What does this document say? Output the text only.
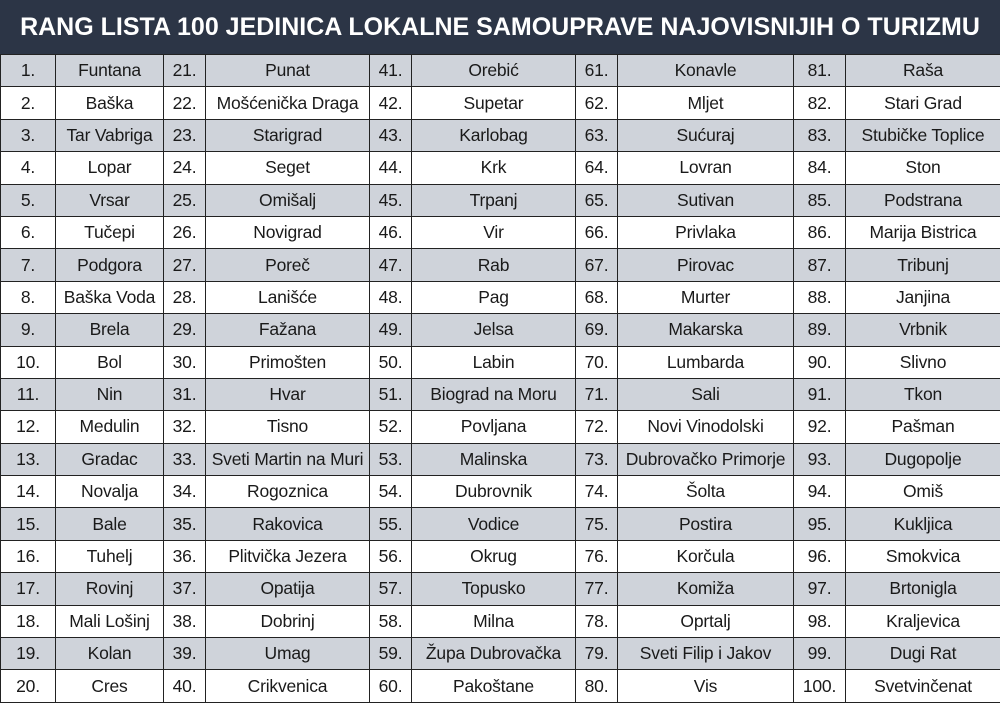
RANG LISTA 100 JEDINICA LOKALNE SAMOUPRAVE NAJOVISNIJIH O TURIZMU
1.	Funtana	21.	Punat	41.	Orebić	61.	Konavle	81.	Raša
2.	Baška	22.	Mošćenička Draga	42.	Supetar	62.	Mljet	82.	Stari Grad
3.	Tar Vabriga	23.	Starigrad	43.	Karlobag	63.	Sućuraj	83.	Stubičke Toplice
4.	Lopar	24.	Seget	44.	Krk	64.	Lovran	84.	Ston
5.	Vrsar	25.	Omišalj	45.	Trpanj	65.	Sutivan	85.	Podstrana
6.	Tučepi	26.	Novigrad	46.	Vir	66.	Privlaka	86.	Marija Bistrica
7.	Podgora	27.	Poreč	47.	Rab	67.	Pirovac	87.	Tribunj
8.	Baška Voda	28.	Lanišće	48.	Pag	68.	Murter	88.	Janjina
9.	Brela	29.	Fažana	49.	Jelsa	69.	Makarska	89.	Vrbnik
10.	Bol	30.	Primošten	50.	Labin	70.	Lumbarda	90.	Slivno
11.	Nin	31.	Hvar	51.	Biograd na Moru	71.	Sali	91.	Tkon
12.	Medulin	32.	Tisno	52.	Povljana	72.	Novi Vinodolski	92.	Pašman
13.	Gradac	33.	Sveti Martin na Muri	53.	Malinska	73.	Dubrovačko Primorje	93.	Dugopolje
14.	Novalja	34.	Rogoznica	54.	Dubrovnik	74.	Šolta	94.	Omiš
15.	Bale	35.	Rakovica	55.	Vodice	75.	Postira	95.	Kukljica
16.	Tuhelj	36.	Plitvička Jezera	56.	Okrug	76.	Korčula	96.	Smokvica
17.	Rovinj	37.	Opatija	57.	Topusko	77.	Komiža	97.	Brtonigla
18.	Mali Lošinj	38.	Dobrinj	58.	Milna	78.	Oprtalj	98.	Kraljevica
19.	Kolan	39.	Umag	59.	Župa Dubrovačka	79.	Sveti Filip i Jakov	99.	Dugi Rat
20.	Cres	40.	Crikvenica	60.	Pakoštane	80.	Vis	100.	Svetvinčenat
